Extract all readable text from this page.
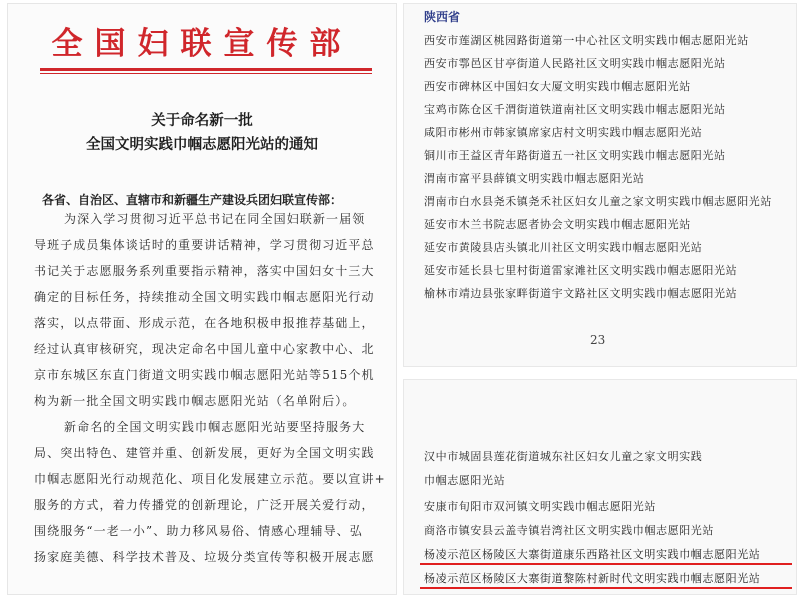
全国妇联宣传部
关于命名新一批
全国文明实践巾帼志愿阳光站的通知
各省、自治区、直辖市和新疆生产建设兵团妇联宣传部：
为深入学习贯彻习近平总书记在同全国妇联新一届领
导班子成员集体谈话时的重要讲话精神，学习贯彻习近平总
书记关于志愿服务系列重要指示精神，落实中国妇女十三大
确定的目标任务，持续推动全国文明实践巾帼志愿阳光行动
落实，以点带面、形成示范，在各地积极申报推荐基础上，
经过认真审核研究，现决定命名中国儿童中心家教中心、北
京市东城区东直门街道文明实践巾帼志愿阳光站等515个机
构为新一批全国文明实践巾帼志愿阳光站（名单附后）。
新命名的全国文明实践巾帼志愿阳光站要坚持服务大
局、突出特色、建管并重、创新发展，更好为全国文明实践
巾帼志愿阳光行动规范化、项目化发展建立示范。要以宣讲+
服务的方式，着力传播党的创新理论，广泛开展关爱行动，
围绕服务“一老一小”、助力移风易俗、情感心理辅导、弘
扬家庭美德、科学技术普及、垃圾分类宣传等积极开展志愿
陕西省
西安市莲湖区桃园路街道第一中心社区文明实践巾帼志愿阳光站
西安市鄠邑区甘亭街道人民路社区文明实践巾帼志愿阳光站
西安市碑林区中国妇女大厦文明实践巾帼志愿阳光站
宝鸡市陈仓区千渭街道铁道南社区文明实践巾帼志愿阳光站
咸阳市彬州市韩家镇席家店村文明实践巾帼志愿阳光站
铜川市王益区青年路街道五一社区文明实践巾帼志愿阳光站
渭南市富平县薛镇文明实践巾帼志愿阳光站
渭南市白水县尧禾镇尧禾社区妇女儿童之家文明实践巾帼志愿阳光站
延安市木兰书院志愿者协会文明实践巾帼志愿阳光站
延安市黄陵县店头镇北川社区文明实践巾帼志愿阳光站
延安市延长县七里村街道雷家滩社区文明实践巾帼志愿阳光站
榆林市靖边县张家畔街道宇文路社区文明实践巾帼志愿阳光站
23
汉中市城固县莲花街道城东社区妇女儿童之家文明实践
巾帼志愿阳光站
安康市旬阳市双河镇文明实践巾帼志愿阳光站
商洛市镇安县云盖寺镇岩湾社区文明实践巾帼志愿阳光站
杨凌示范区杨陵区大寨街道康乐西路社区文明实践巾帼志愿阳光站
杨凌示范区杨陵区大寨街道黎陈村新时代文明实践巾帼志愿阳光站
